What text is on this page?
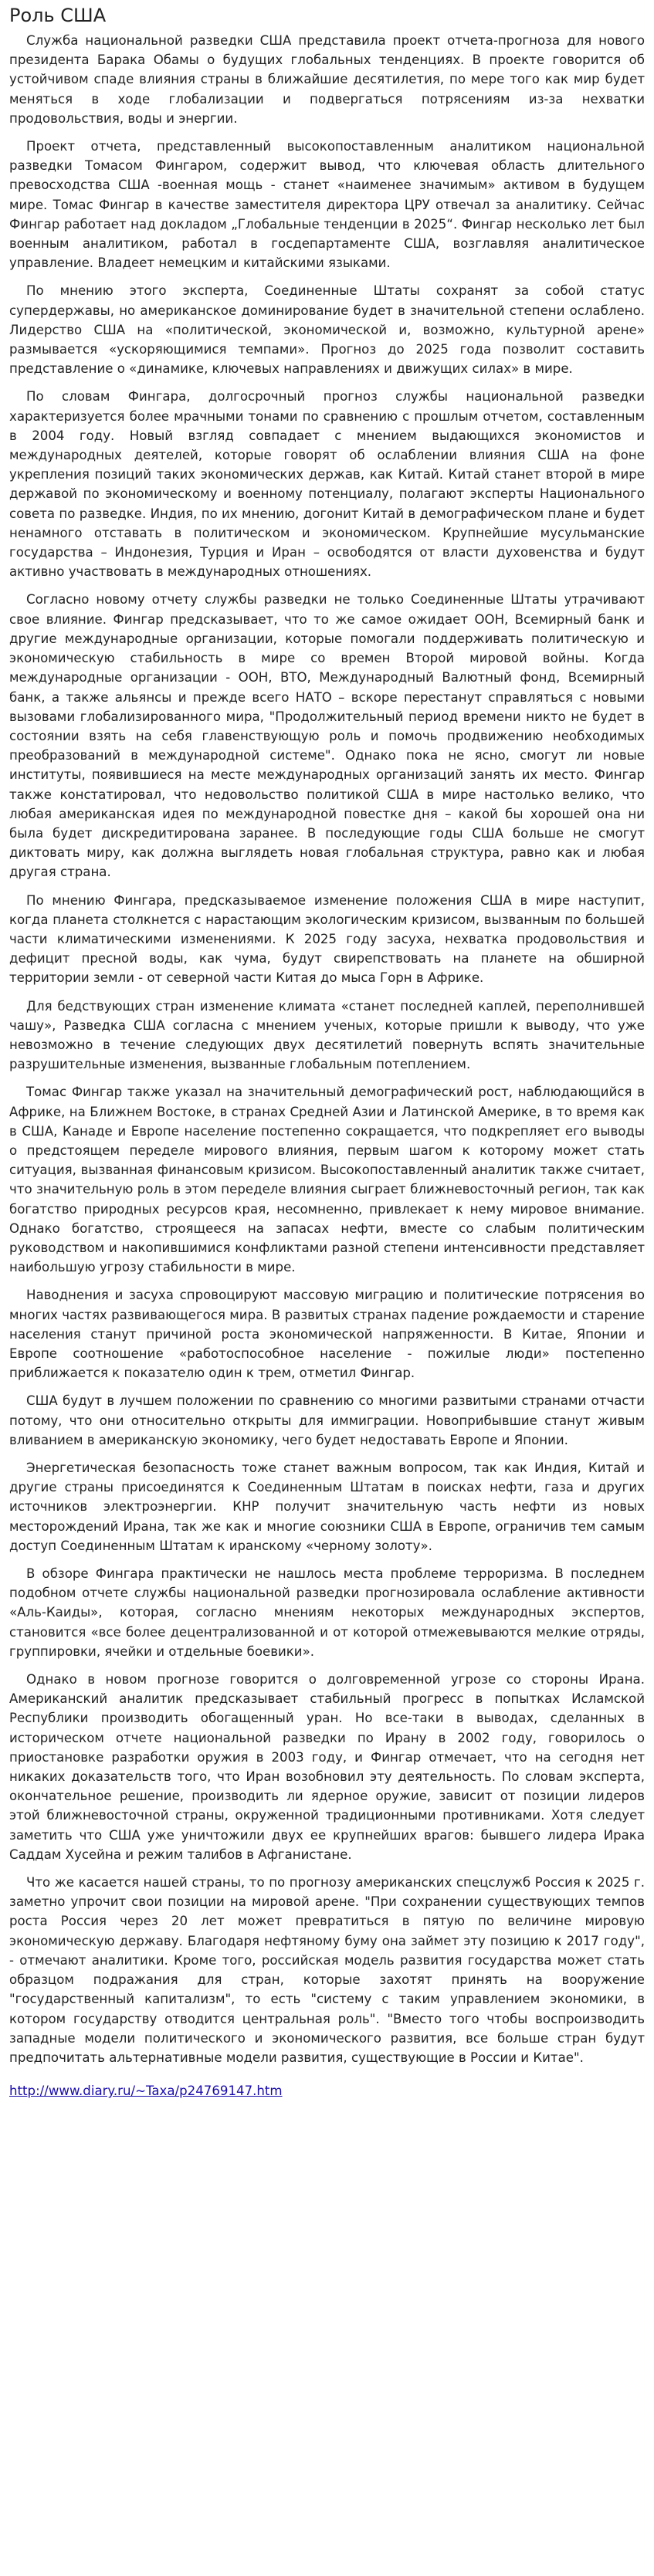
Роль США

Служба национальной разведки США представила проект отчета-прогноза для нового президента Барака Обамы о будущих глобальных тенденциях. В проекте говорится об устойчивом спаде влияния страны в ближайшие десятилетия, по мере того как мир будет меняться в ходе глобализации и подвергаться потрясениям из-за нехватки продовольствия, воды и энергии.

Проект отчета, представленный высокопоставленным аналитиком национальной разведки Томасом Фингаром, содержит вывод, что ключевая область длительного превосходства США -военная мощь - станет «наименее значимым» активом в будущем мире. Томас Фингар в качестве заместителя директора ЦРУ отвечал за аналитику. Сейчас Фингар работает над докладом „Глобальные тенденции в 2025“. Фингар несколько лет был военным аналитиком, работал в госдепартаменте США, возглавляя аналитическое управление. Владеет немецким и китайскими языками.

По мнению этого эксперта, Соединенные Штаты сохранят за собой статус супердержавы, но американское доминирование будет в значительной степени ослаблено. Лидерство США на «политической, экономической и, возможно, культурной арене» размывается «ускоряющимися темпами». Прогноз до 2025 года позволит составить представление о «динамике, ключевых направлениях и движущих силах» в мире.

По словам Фингара, долгосрочный прогноз службы национальной разведки характеризуется более мрачными тонами по сравнению с прошлым отчетом, составленным в 2004 году. Новый взгляд совпадает с мнением выдающихся экономистов и международных деятелей, которые говорят об ослаблении влияния США на фоне укрепления позиций таких экономических держав, как Китай. Китай станет второй в мире державой по экономическому и военному потенциалу, полагают эксперты Национального совета по разведке. Индия, по их мнению, догонит Китай в демографическом плане и будет ненамного отставать в политическом и экономическом. Крупнейшие мусульманские государства – Индонезия, Турция и Иран – освободятся от власти духовенства и будут активно участвовать в международных отношениях.

Согласно новому отчету службы разведки не только Соединенные Штаты утрачивают свое влияние. Фингар предсказывает, что то же самое ожидает ООН, Всемирный банк и другие международные организации, которые помогали поддерживать политическую и экономическую стабильность в мире со времен Второй мировой войны. Когда международные организации - ООН, ВТО, Международный Валютный фонд, Всемирный банк, а также альянсы и прежде всего НАТО – вскоре перестанут справляться с новыми вызовами глобализированного мира, "Продолжительный период времени никто не будет в состоянии взять на себя главенствующую роль и помочь продвижению необходимых преобразований в международной системе". Однако пока не ясно, смогут ли новые институты, появившиеся на месте международных организаций занять их место. Фингар также констатировал, что недовольство политикой США в мире настолько велико, что любая американская идея по международной повестке дня – какой бы хорошей она ни была будет дискредитирована заранее. В последующие годы США больше не смогут диктовать миру, как должна выглядеть новая глобальная структура, равно как и любая другая страна.

По мнению Фингара, предсказываемое изменение положения США в мире наступит, когда планета столкнется с нарастающим экологическим кризисом, вызванным по большей части климатическими изменениями. К 2025 году засуха, нехватка продовольствия и дефицит пресной воды, как чума, будут свирепствовать на планете на обширной территории земли - от северной части Китая до мыса Горн в Африке.

Для бедствующих стран изменение климата «станет последней каплей, переполнившей чашу», Разведка США согласна с мнением ученых, которые пришли к выводу, что уже невозможно в течение следующих двух десятилетий повернуть вспять значительные разрушительные изменения, вызванные глобальным потеплением.

Томас Фингар также указал на значительный демографический рост, наблюдающийся в Африке, на Ближнем Востоке, в странах Средней Азии и Латинской Америке, в то время как в США, Канаде и Европе население постепенно сокращается, что подкрепляет его выводы о предстоящем переделе мирового влияния, первым шагом к которому может стать ситуация, вызванная финансовым кризисом. Высокопоставленный аналитик также считает, что значительную роль в этом переделе влияния сыграет ближневосточный регион, так как богатство природных ресурсов края, несомненно, привлекает к нему мировое внимание. Однако богатство, строящееся на запасах нефти, вместе со слабым политическим руководством и накопившимися конфликтами разной степени интенсивности представляет наибольшую угрозу стабильности в мире.

Наводнения и засуха спровоцируют массовую миграцию и политические потрясения во многих частях развивающегося мира. В развитых странах падение рождаемости и старение населения станут причиной роста экономической напряженности. В Китае, Японии и Европе соотношение «работоспособное население - пожилые люди» постепенно приближается к показателю один к трем, отметил Фингар.

США будут в лучшем положении по сравнению со многими развитыми странами отчасти потому, что они относительно открыты для иммиграции. Новоприбывшие станут живым вливанием в американскую экономику, чего будет недоставать Европе и Японии.

Энергетическая безопасность тоже станет важным вопросом, так как Индия, Китай и другие страны присоединятся к Соединенным Штатам в поисках нефти, газа и других источников электроэнергии. КНР получит значительную часть нефти из новых месторождений Ирана, так же как и многие союзники США в Европе, ограничив тем самым доступ Соединенным Штатам к иранскому «черному золоту».

В обзоре Фингара практически не нашлось места проблеме терроризма. В последнем подобном отчете службы национальной разведки прогнозировала ослабление активности «Аль-Каиды», которая, согласно мнениям некоторых международных экспертов, становится «все более децентрализованной и от которой отмежевываются мелкие отряды, группировки, ячейки и отдельные боевики».

Однако в новом прогнозе говорится о долговременной угрозе со стороны Ирана. Американский аналитик предсказывает стабильный прогресс в попытках Исламской Республики производить обогащенный уран. Но все-таки в выводах, сделанных в историческом отчете национальной разведки по Ирану в 2002 году, говорилось о приостановке разработки оружия в 2003 году, и Фингар отмечает, что на сегодня нет никаких доказательств того, что Иран возобновил эту деятельность. По словам эксперта, окончательное решение, производить ли ядерное оружие, зависит от позиции лидеров этой ближневосточной страны, окруженной традиционными противниками. Хотя следует заметить что США уже уничтожили двух ее крупнейших врагов: бывшего лидера Ирака Саддам Хусейна и режим талибов в Афганистане.

Что же касается нашей страны, то по прогнозу американских спецслужб Россия к 2025 г. заметно упрочит свои позиции на мировой арене. "При сохранении существующих темпов роста Россия через 20 лет может превратиться в пятую по величине мировую экономическую державу. Благодаря нефтяному буму она займет эту позицию к 2017 году", - отмечают аналитики. Кроме того, российская модель развития государства может стать образцом подражания для стран, которые захотят принять на вооружение "государственный капитализм", то есть "систему с таким управлением экономики, в котором государству отводится центральная роль". "Вместо того чтобы воспроизводить западные модели политического и экономического развития, все больше стран будут предпочитать альтернативные модели развития, существующие в России и Китае".

http://www.diary.ru/~Taxa/p24769147.htm
